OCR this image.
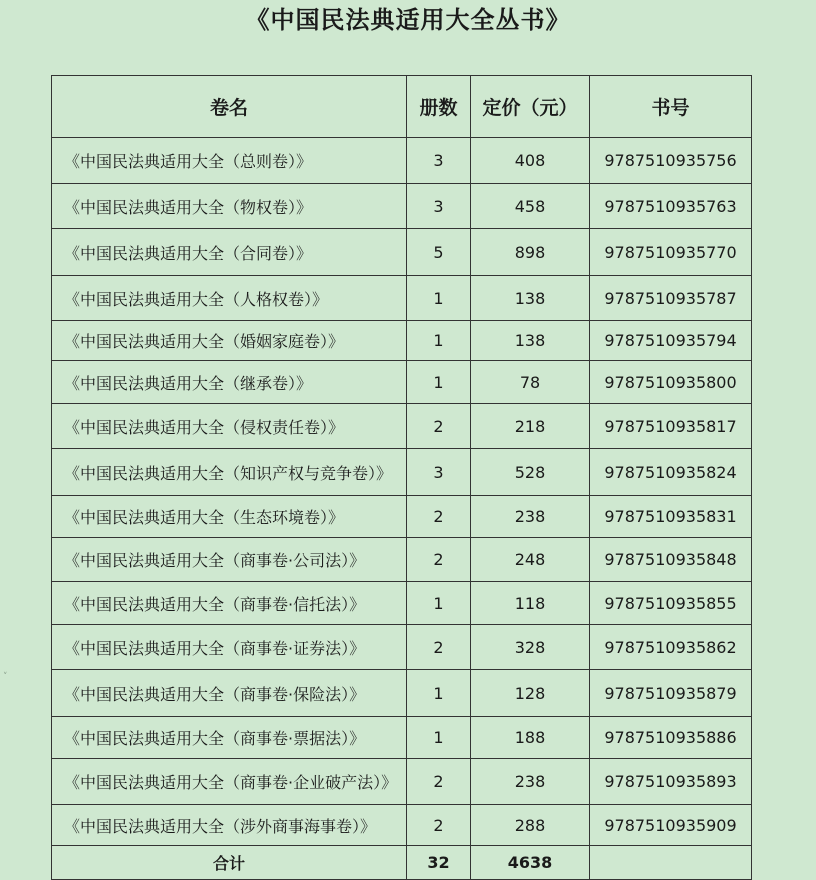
《中国民法典适用大全丛书》
卷名	册数	定价（元）	书号
《中国民法典适用大全（总则卷）》	3	408	9787510935756
《中国民法典适用大全（物权卷）》	3	458	9787510935763
《中国民法典适用大全（合同卷）》	5	898	9787510935770
《中国民法典适用大全（人格权卷）》	1	138	9787510935787
《中国民法典适用大全（婚姻家庭卷）》	1	138	9787510935794
《中国民法典适用大全（继承卷）》	1	78	9787510935800
《中国民法典适用大全（侵权责任卷）》	2	218	9787510935817
《中国民法典适用大全（知识产权与竞争卷）》	3	528	9787510935824
《中国民法典适用大全（生态环境卷）》	2	238	9787510935831
《中国民法典适用大全（商事卷·公司法）》	2	248	9787510935848
《中国民法典适用大全（商事卷·信托法）》	1	118	9787510935855
《中国民法典适用大全（商事卷·证券法）》	2	328	9787510935862
《中国民法典适用大全（商事卷·保险法）》	1	128	9787510935879
《中国民法典适用大全（商事卷·票据法）》	1	188	9787510935886
《中国民法典适用大全（商事卷·企业破产法）》	2	238	9787510935893
《中国民法典适用大全（涉外商事海事卷）》	2	288	9787510935909
合计	32	4638	
˅
